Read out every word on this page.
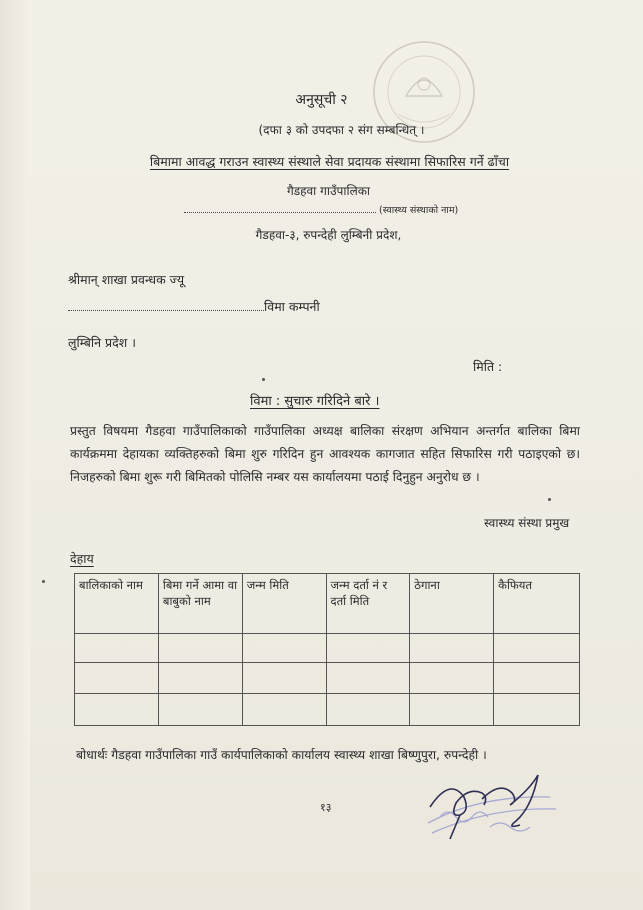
अनुसूची २
(दफा ३ को उपदफा २ संग सम्बन्धित् ।
बिमामा आवद्ध गराउन स्वास्थ्य संस्थाले सेवा प्रदायक संस्थामा सिफारिस गर्ने ढाँचा
गैडहवा गाउँपालिका
(स्वास्थ्य संस्थाको नाम)
गैडहवा-३, रुपन्देही लुम्बिनी प्रदेश,
श्रीमान् शाखा प्रवन्धक ज्यू
विमा कम्पनी
लुम्बिनि प्रदेश ।
मिति :
विमा : सुचारु गरिदिने बारे ।
प्रस्तुत विषयमा गैडहवा गाउँपालिकाको गाउँपालिका अध्यक्ष बालिका संरक्षण अभियान अन्तर्गत बालिका बिमा कार्यक्रममा देहायका व्यक्तिहरुको बिमा शुरु गरिदिन हुन आवश्यक कागजात सहित सिफारिस गरी पठाइएको छ। निजहरुको बिमा शुरू गरी बिमितको पोलिसि नम्बर यस कार्यालयमा पठाई दिनुहुन अनुरोध छ ।
स्वास्थ्य संस्था प्रमुख
देहाय
बालिकाको नाम	बिमा गर्ने आमा वा बाबुको नाम	जन्म मिति	जन्म दर्ता नं र दर्ता मिति	ठेगाना	कैफियत

बोधार्थः गैडहवा गाउँपालिका गाउँ कार्यपालिकाको कार्यालय स्वास्थ्य शाखा बिष्णुपुरा, रुपन्देही ।
१३
